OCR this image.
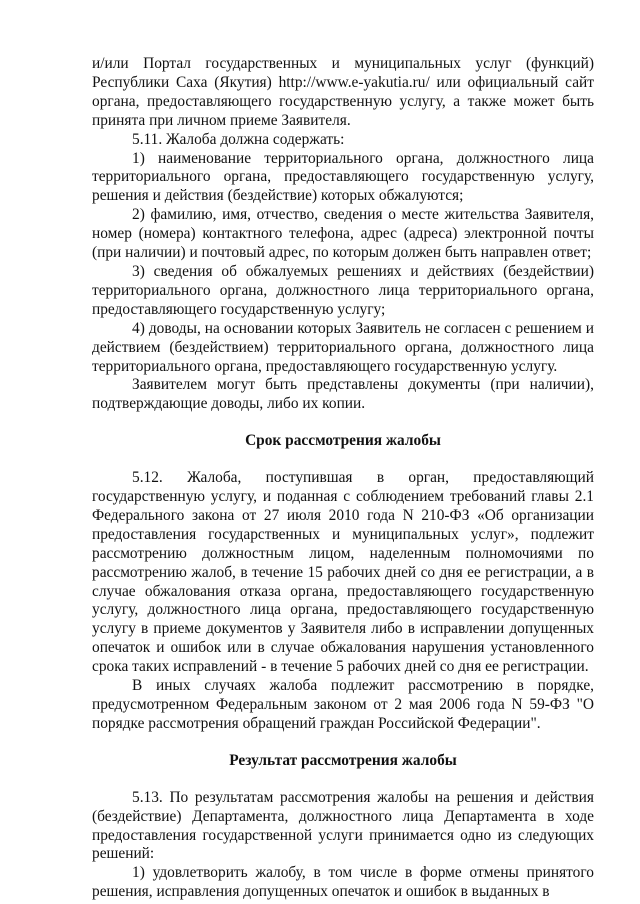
и/или Портал государственных и муниципальных услуг (функций) Республики Саха (Якутия) http://www.e-yakutia.ru/ или официальный сайт органа, предоставляющего государственную услугу, а также может быть принята при личном приеме Заявителя.

5.11. Жалоба должна содержать:

1) наименование территориального органа, должностного лица территориального органа, предоставляющего государственную услугу, решения и действия (бездействие) которых обжалуются;

2) фамилию, имя, отчество, сведения о месте жительства Заявителя, номер (номера) контактного телефона, адрес (адреса) электронной почты (при наличии) и почтовый адрес, по которым должен быть направлен ответ;

3) сведения об обжалуемых решениях и действиях (бездействии) территориального органа, должностного лица территориального органа, предоставляющего государственную услугу;

4) доводы, на основании которых Заявитель не согласен с решением и действием (бездействием) территориального органа, должностного лица территориального органа, предоставляющего государственную услугу.

Заявителем могут быть представлены документы (при наличии), подтверждающие доводы, либо их копии.

Срок рассмотрения жалобы

5.12. Жалоба, поступившая в орган, предоставляющий государственную услугу, и поданная с соблюдением требований главы 2.1 Федерального закона от 27 июля 2010 года N 210-ФЗ «Об организации предоставления государственных и муниципальных услуг», подлежит рассмотрению должностным лицом, наделенным полномочиями по рассмотрению жалоб, в течение 15 рабочих дней со дня ее регистрации, а в случае обжалования отказа органа, предоставляющего государственную услугу, должностного лица органа, предоставляющего государственную услугу в приеме документов у Заявителя либо в исправлении допущенных опечаток и ошибок или в случае обжалования нарушения установленного срока таких исправлений - в течение 5 рабочих дней со дня ее регистрации.

В иных случаях жалоба подлежит рассмотрению в порядке, предусмотренном Федеральным законом от 2 мая 2006 года N 59-ФЗ "О порядке рассмотрения обращений граждан Российской Федерации".

Результат рассмотрения жалобы

5.13. По результатам рассмотрения жалобы на решения и действия (бездействие) Департамента, должностного лица Департамента в ходе предоставления государственной услуги принимается одно из следующих решений:

1) удовлетворить жалобу, в том числе в форме отмены принятого решения, исправления допущенных опечаток и ошибок в выданных в
